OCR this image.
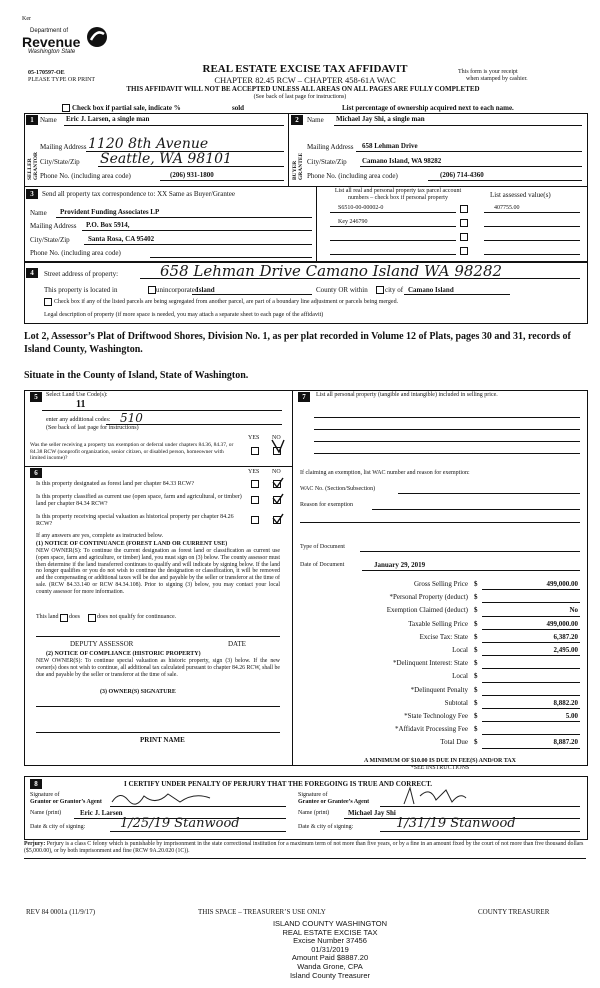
Ker
Department of
Revenue
Washington State
05-170597-OE
PLEASE TYPE OR PRINT
REAL ESTATE EXCISE TAX AFFIDAVIT
CHAPTER 82.45 RCW – CHAPTER 458-61A WAC
THIS AFFIDAVIT WILL NOT BE ACCEPTED UNLESS ALL AREAS ON ALL PAGES ARE FULLY COMPLETED
This form is your receipt
when stamped by cashier.
(See back of last page for instructions)
Check box if partial sale, indicate %	sold	List percentage of ownership acquired next to each name.
1
SELLER GRANTOR
Name Eric J. Larsen, a single man
Mailing Address 1120 8th Avenue
City/State/Zip Seattle, WA 98101
Phone No. (including area code)	(206) 931-1800
2
BUYER GRANTEE
Name Michael Jay Shi, a single man
Mailing Address 658 Lehman Drive
City/State/Zip Camano Island, WA 98282
Phone No. (including area code)	(206) 714-4360
3	Send all property tax correspondence to: XX Same as Buyer/Grantee
Name Provident Funding Associates LP
Mailing Address P.O. Box 5914,
City/State/Zip	Santa Rosa, CA 95402
Phone No. (including area code)
List all real and personal property tax parcel account
numbers – check box if personal property	List assessed value(s)
S6510-00-00002-0	407755.00
Key 246790
4	Street address of property:	658 Lehman Drive Camano Island WA 98282
This property is located in	unincorporated
Island	County OR within city of Camano Island
Check box if any of the listed parcels are being segregated from another parcel, are part of a boundary line adjustment or parcels being merged.
Legal description of property (if more space is needed, you may attach a separate sheet to each page of the affidavit)
Lot 2, Assessor’s Plat of Driftwood Shores, Division No. 1, as per plat recorded in Volume 12 of Plats, pages 30 and 31, records of Island County, Washington.
Situate in the County of Island, State of Washington.
5	Select Land Use Code(s):
11
enter any additional codes: 510
(See back of last page for instructions)
YES NO
Was the seller receiving a property tax exemption or deferral under chapters 84.36, 84.37, or 84.38 RCW (nonprofit organization, senior citizen, or disabled person, homeowner with limited income)?
6	YES NO
Is this property designated as forest land per chapter 84.33 RCW?
Is this property classified as current use (open space, farm and agricultural, or timber) land per chapter 84.34 RCW?
Is this property receiving special valuation as historical property per chapter 84.26 RCW?
If any answers are yes, complete as instructed below.
(1) NOTICE OF CONTINUANCE (FOREST LAND OR CURRENT USE)
NEW OWNER(S): To continue the current designation as forest land or classification as current use (open space, farm and agriculture, or timber) land, you must sign on (3) below. The county assessor must then determine if the land transferred continues to qualify and will indicate by signing below. If the land no longer qualifies or you do not wish to continue the designation or classification, it will be removed and the compensating or additional taxes will be due and payable by the seller or transferor at the time of sale. (RCW 84.33.140 or RCW 84.34.108). Prior to signing (3) below, you may contact your local county assessor for more information.
This land does	does not qualify for continuance.
DEPUTY ASSESSOR	DATE
(2) NOTICE OF COMPLIANCE (HISTORIC PROPERTY)
NEW OWNER(S): To continue special valuation as historic property, sign (3) below. If the new owner(s) does not wish to continue, all additional tax calculated pursuant to chapter 84.26 RCW, shall be due and payable by the seller or transferor at the time of sale.
(3) OWNER(S) SIGNATURE
PRINT NAME
7	List all personal property (tangible and intangible) included in selling price.
If claiming an exemption, list WAC number and reason for exemption:
WAC No. (Section/Subsection)
Reason for exemption
Type of Document
Date of Document	January 29, 2019
Gross Selling Price $	499,000.00
*Personal Property (deduct) $
Exemption Claimed (deduct) $	No
Taxable Selling Price $	499,000.00
Excise Tax: State $	6,387.20
Local $	2,495.00
*Delinquent Interest: State $
Local $
*Delinquent Penalty $
Subtotal $	8,882.20
*State Technology Fee $	5.00
*Affidavit Processing Fee $
Total Due $	8,887.20
A MINIMUM OF $10.00 IS DUE IN FEE(S) AND/OR TAX
*SEE INSTRUCTIONS
8	I CERTIFY UNDER PENALTY OF PERJURY THAT THE FOREGOING IS TRUE AND CORRECT.
Signature of
Grantor or Grantor’s Agent
Name (print)	Eric J. Larsen
Date & city of signing:	1/25/19 Stanwood
Signature of
Grantee or Grantee’s Agent
Name (print)	Michael Jay Shi
Date & city of signing:	1/31/19 Stanwood
Perjury: Perjury is a class C felony which is punishable by imprisonment in the state correctional institution for a maximum term of not more than five years, or by a fine in an amount fixed by the court of not more than five thousand dollars ($5,000.00), or by both imprisonment and fine (RCW 9A.20.020 (1C)).
REV 84 0001a (11/9/17)	THIS SPACE – TREASURER’S USE ONLY	COUNTY TREASURER
ISLAND COUNTY WASHINGTON
REAL ESTATE EXCISE TAX
Excise Number 37456
01/31/2019
Amount Paid $8887.20
Wanda Grone, CPA
Island County Treasurer
